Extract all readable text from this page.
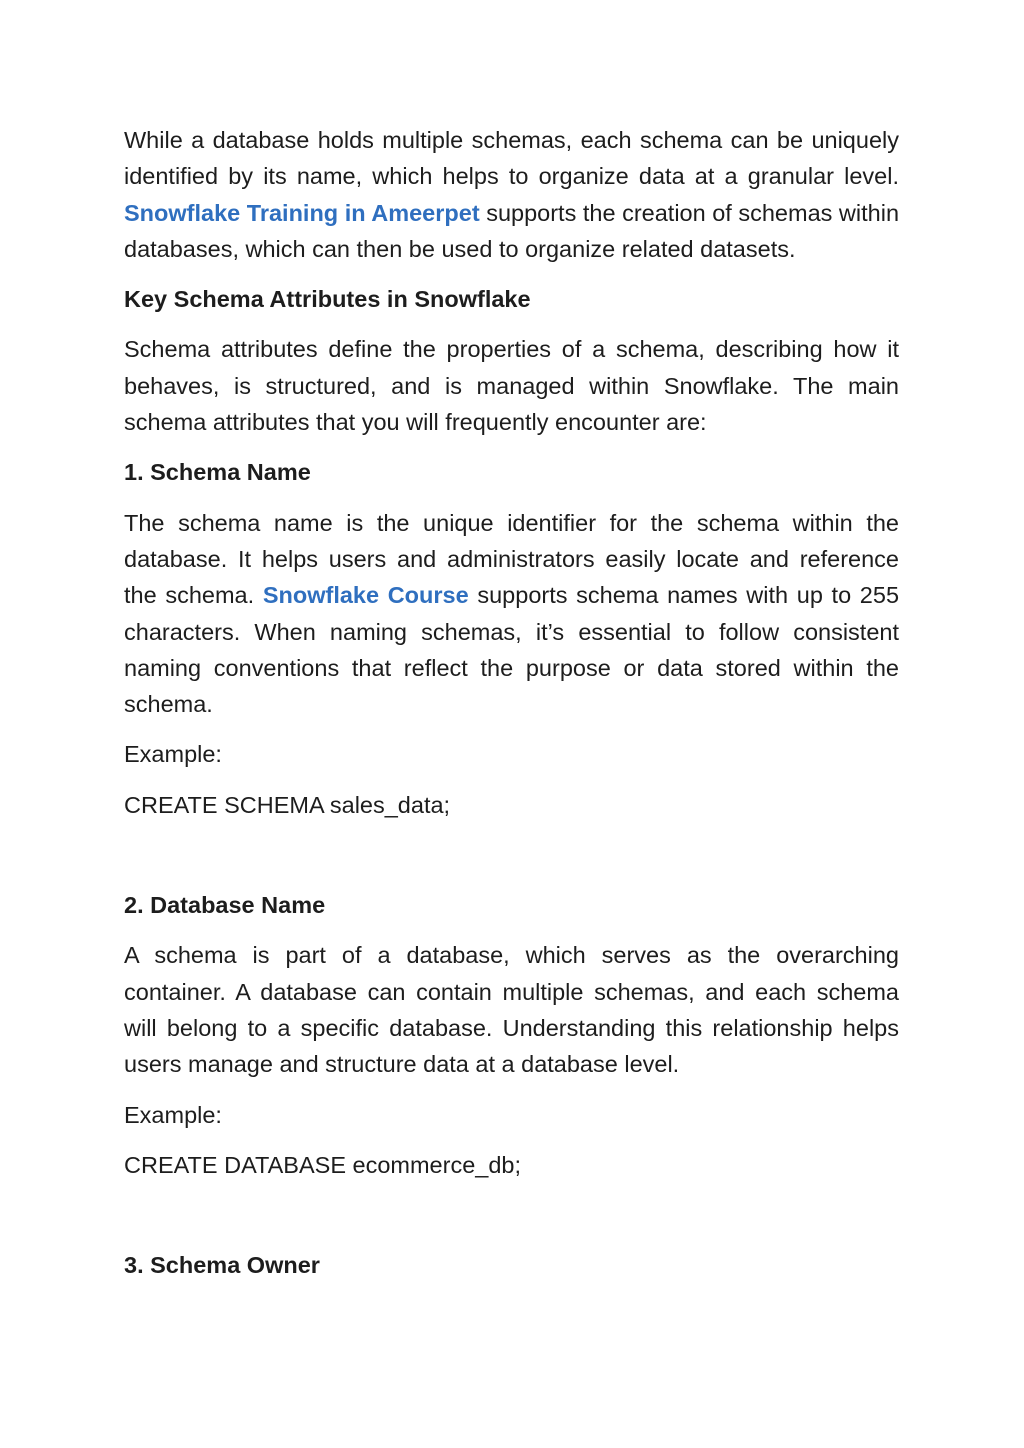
While a database holds multiple schemas, each schema can be uniquely identified by its name, which helps to organize data at a granular level. Snowflake Training in Ameerpet supports the creation of schemas within databases, which can then be used to organize related datasets.

Key Schema Attributes in Snowflake

Schema attributes define the properties of a schema, describing how it behaves, is structured, and is managed within Snowflake. The main schema attributes that you will frequently encounter are:

1. Schema Name

The schema name is the unique identifier for the schema within the database. It helps users and administrators easily locate and reference the schema. Snowflake Course supports schema names with up to 255 characters. When naming schemas, it’s essential to follow consistent naming conventions that reflect the purpose or data stored within the schema.

Example:

CREATE SCHEMA sales_data;

2. Database Name

A schema is part of a database, which serves as the overarching container. A database can contain multiple schemas, and each schema will belong to a specific database. Understanding this relationship helps users manage and structure data at a database level.

Example:

CREATE DATABASE ecommerce_db;

3. Schema Owner
